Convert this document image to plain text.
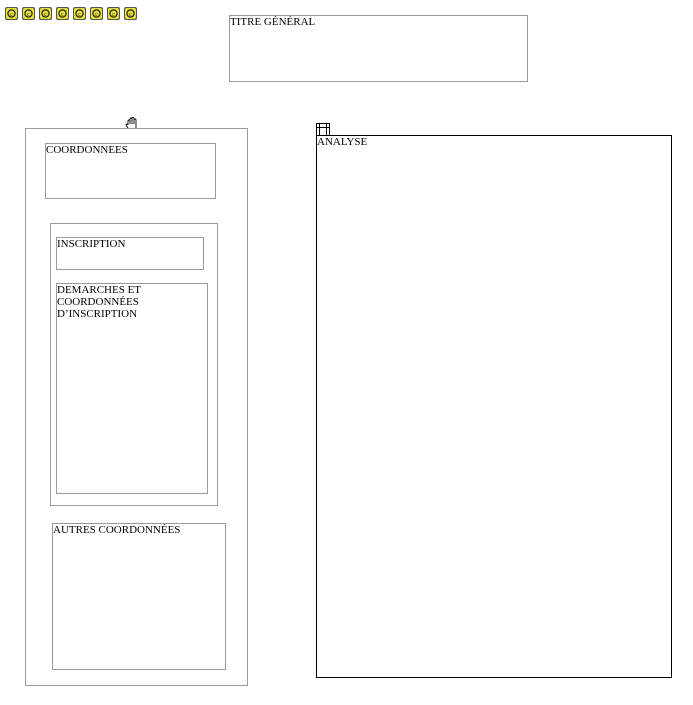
c c c c c c c c
TITRE GÉNÉRAL
COORDONNEES
INSCRIPTION
DEMARCHES ET
COORDONNÉES
D’INSCRIPTION
AUTRES COORDONNÉES
ANALYSE
